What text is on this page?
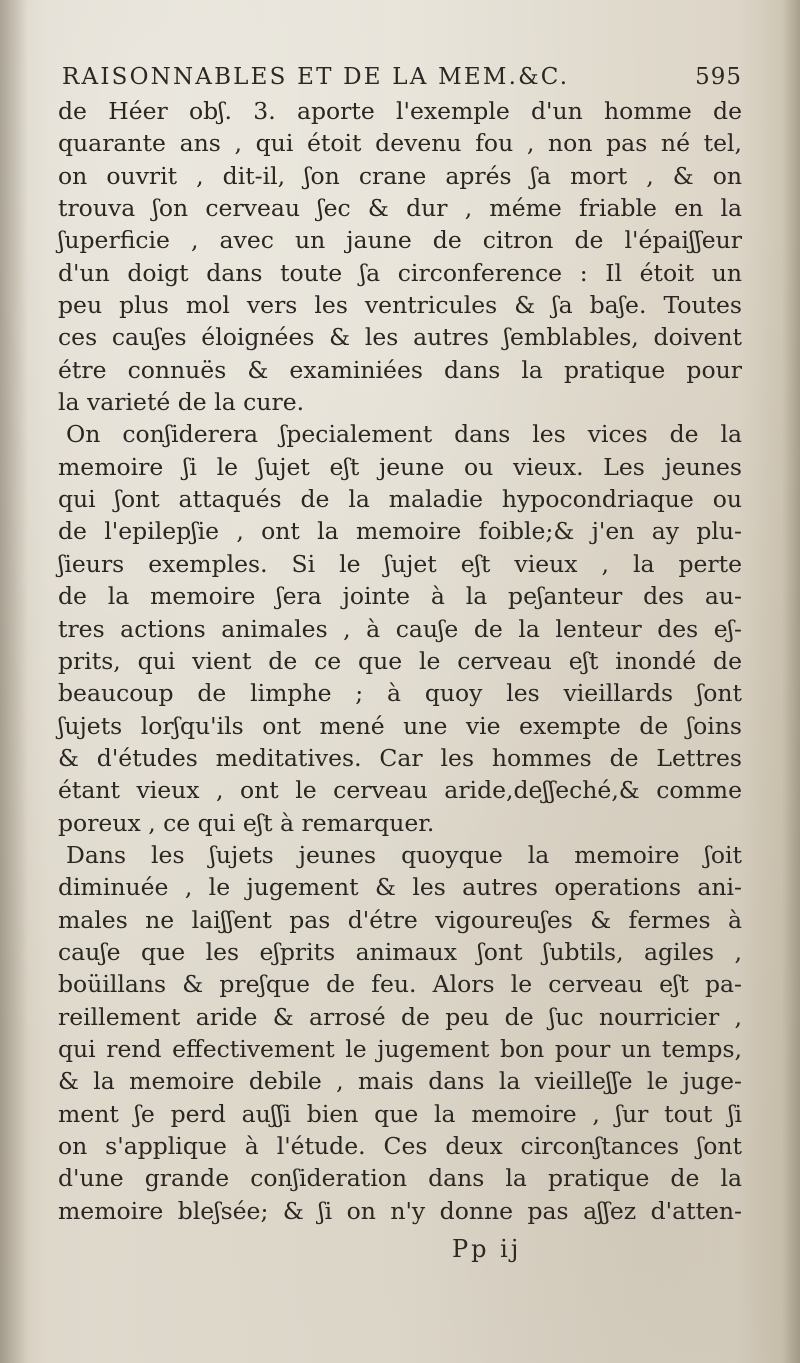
RAISONNABLES ET DE LA MEM.&C.	595
de Héer obʃ. 3. aporte l'exemple d'un homme de
quarante ans , qui étoit devenu fou , non pas né tel,
on ouvrit , dit-il, ʃon crane aprés ʃa mort , & on
trouva ʃon cerveau ʃec & dur , méme friable en la
ʃuperficie , avec un jaune de citron de l'épaiʃʃeur
d'un doigt dans toute ʃa circonference : Il étoit un
peu plus mol vers les ventricules & ʃa baʃe. Toutes
ces cauʃes éloignées & les autres ʃemblables, doivent
étre connuës & examiniées dans la pratique pour
la varieté de la cure.
On conʃiderera ʃpecialement dans les vices de la
memoire ʃi le ʃujet eʃt jeune ou vieux. Les jeunes
qui ʃont attaqués de la maladie hypocondriaque ou
de l'epilepʃie , ont la memoire foible;& j'en ay plu-
ʃieurs exemples. Si le ʃujet eʃt vieux , la perte
de la memoire ʃera jointe à la peʃanteur des au-
tres actions animales , à cauʃe de la lenteur des eʃ-
prits, qui vient de ce que le cerveau eʃt inondé de
beaucoup de limphe ; à quoy les vieillards ʃont
ʃujets lorʃqu'ils ont mené une vie exempte de ʃoins
& d'études meditatives. Car les hommes de Lettres
étant vieux , ont le cerveau aride,deʃʃeché,& comme
poreux , ce qui eʃt à remarquer.
Dans les ʃujets jeunes quoyque la memoire ʃoit
diminuée , le jugement & les autres operations ani-
males ne laiʃʃent pas d'étre vigoureuʃes & fermes à
cauʃe que les eʃprits animaux ʃont ʃubtils, agiles ,
boüillans & preʃque de feu. Alors le cerveau eʃt pa-
reillement aride & arrosé de peu de ʃuc nourricier ,
qui rend effectivement le jugement bon pour un temps,
& la memoire debile , mais dans la vieilleʃʃe le juge-
ment ʃe perd auʃʃi bien que la memoire , ʃur tout ʃi
on s'applique à l'étude. Ces deux circonʃtances ʃont
d'une grande conʃideration dans la pratique de la
memoire bleʃsée; & ʃi on n'y donne pas aʃʃez d'atten-
Pp ij
